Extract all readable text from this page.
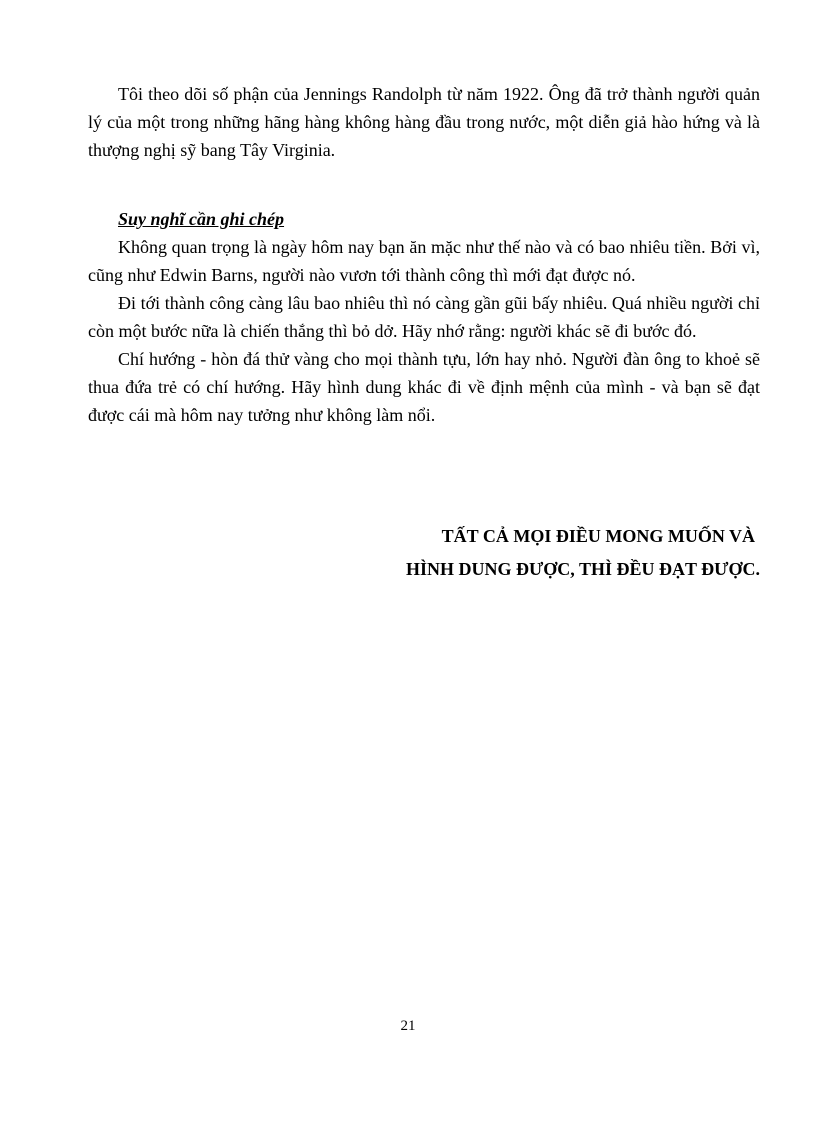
Tôi theo dõi số phận của Jennings Randolph từ năm 1922. Ông đã trở thành người quản lý của một trong những hãng hàng không hàng đầu trong nước, một diễn giả hào hứng và là thượng nghị sỹ bang Tây Virginia.

Suy nghĩ cần ghi chép

Không quan trọng là ngày hôm nay bạn ăn mặc như thế nào và có bao nhiêu tiền. Bởi vì, cũng như Edwin Barns, người nào vươn tới thành công thì mới đạt được nó.

Đi tới thành công càng lâu bao nhiêu thì nó càng gần gũi bấy nhiêu. Quá nhiều người chỉ còn một bước nữa là chiến thắng thì bỏ dở. Hãy nhớ rằng: người khác sẽ đi bước đó.

Chí hướng - hòn đá thử vàng cho mọi thành tựu, lớn hay nhỏ. Người đàn ông to khoẻ sẽ thua đứa trẻ có chí hướng. Hãy hình dung khác đi về định mệnh của mình - và bạn sẽ đạt được cái mà hôm nay tưởng như không làm nổi.

TẤT CẢ MỌI ĐIỀU MONG MUỐN VÀ
HÌNH DUNG ĐƯỢC, THÌ ĐỀU ĐẠT ĐƯỢC.
21
